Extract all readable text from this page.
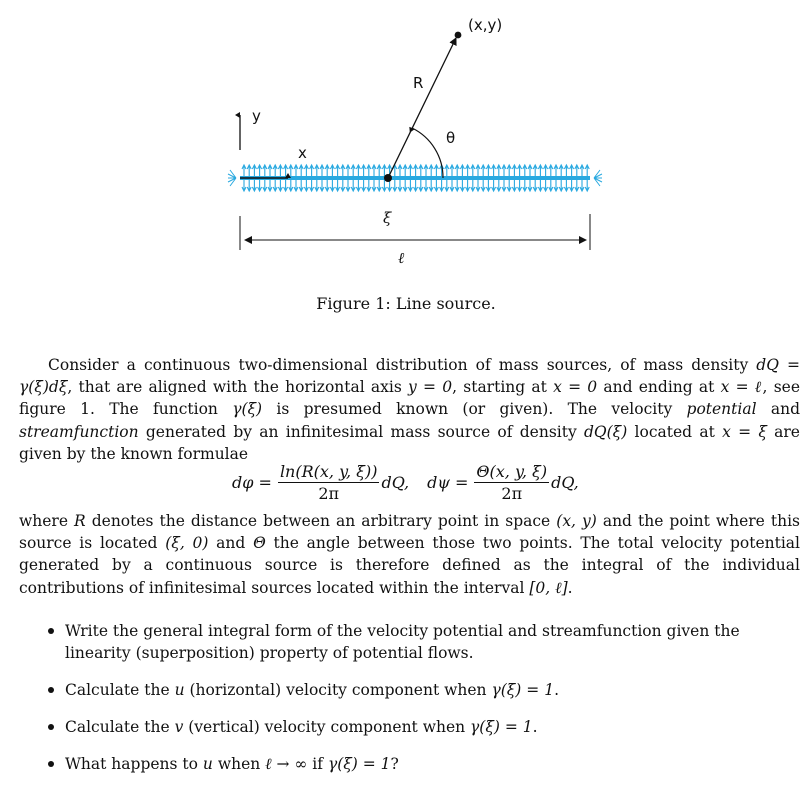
y
x
(x,y)
R
θ
ξ
ℓ
Figure 1: Line source.

Consider a continuous two-dimensional distribution of mass sources, of mass density dQ = γ(ξ)dξ, that are aligned with the horizontal axis y = 0, starting at x = 0 and ending at x = ℓ, see figure 1. The function γ(ξ) is presumed known (or given). The velocity potential and streamfunction generated by an infinitesimal mass source of density dQ(ξ) located at x = ξ are given by the known formulae

$d\varphi = \frac{\ln(R(x, y, \xi))}{2\pi}$ dQ, $d\psi = \frac{\Theta(x, y, \xi)}{2\pi}$ dQ,

where R denotes the distance between an arbitrary point in space (x, y) and the point where this source is located (ξ, 0) and Θ the angle between those two points. The total velocity potential generated by a continuous source is therefore defined as the integral of the individual contributions of infinitesimal sources located within the interval [0, ℓ].

Write the general integral form of the velocity potential and streamfunction given the linearity (superposition) property of potential flows.
Calculate the u (horizontal) velocity component when γ(ξ) = 1.
Calculate the v (vertical) velocity component when γ(ξ) = 1.
What happens to u when ℓ → ∞ if γ(ξ) = 1?
